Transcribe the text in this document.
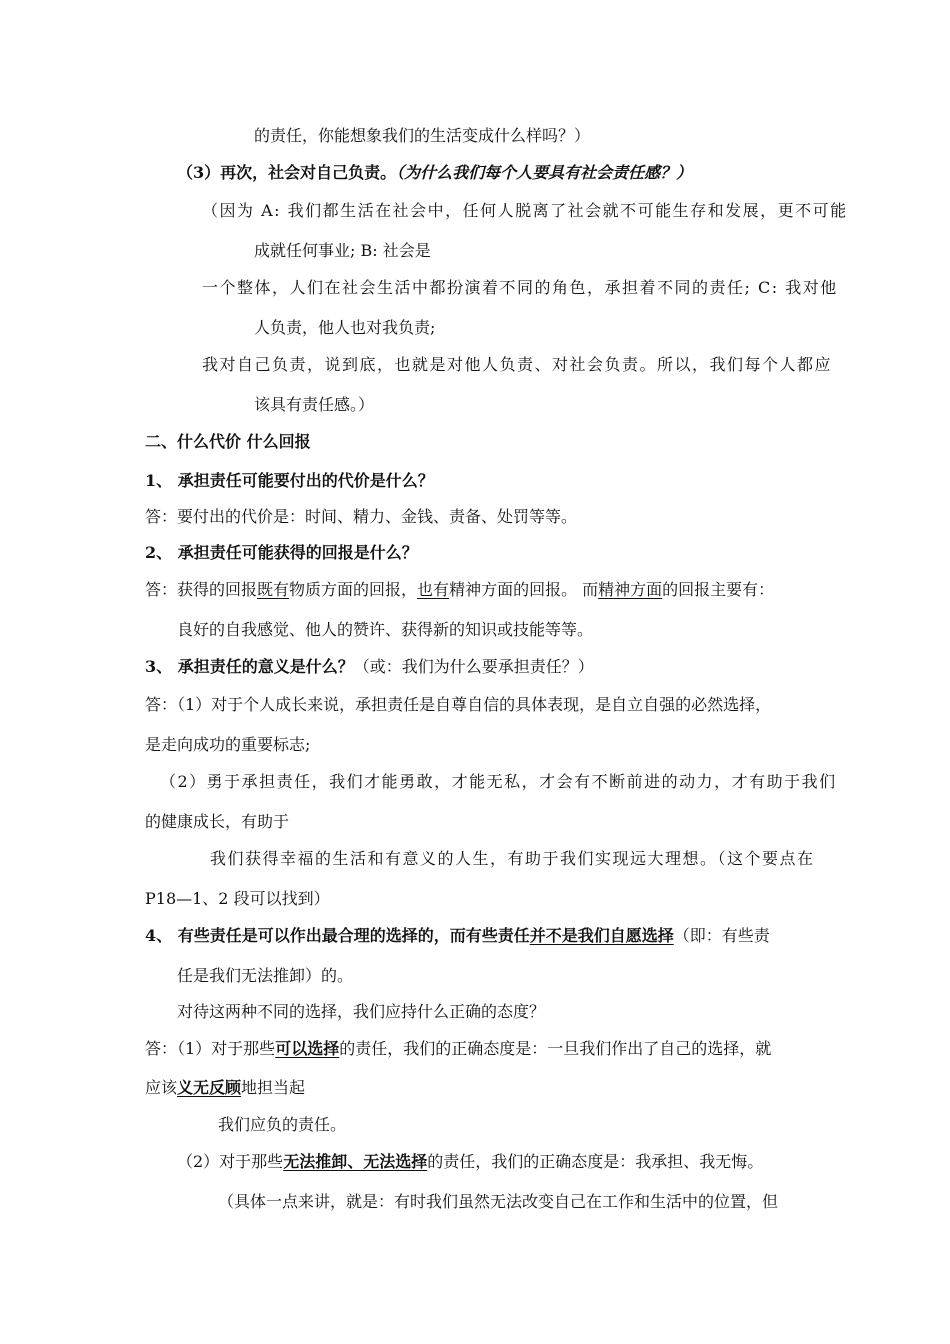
的责任，你能想象我们的生活变成什么样吗？）
（3）再次，社会对自己负责。（为什么我们每个人要具有社会责任感？）
（因为 A: 我们都生活在社会中，任何人脱离了社会就不可能生存和发展，更不可能
成就任何事业; B: 社会是
一个整体，人们在社会生活中都扮演着不同的角色，承担着不同的责任; C: 我对他
人负责，他人也对我负责;
我对自己负责，说到底，也就是对他人负责、对社会负责。所以，我们每个人都应
该具有责任感。）
二、什么代价 什么回报
1、 承担责任可能要付出的代价是什么？
答：要付出的代价是：时间、精力、金钱、责备、处罚等等。
2、 承担责任可能获得的回报是什么？
答：获得的回报既有物质方面的回报，也有精神方面的回报。 而精神方面的回报主要有：
良好的自我感觉、他人的赞许、获得新的知识或技能等等。
3、 承担责任的意义是什么？（或：我们为什么要承担责任？）
答：（1）对于个人成长来说，承担责任是自尊自信的具体表现，是自立自强的必然选择，
是走向成功的重要标志;
（2）勇于承担责任，我们才能勇敢，才能无私，才会有不断前进的动力，才有助于我们
的健康成长，有助于
我们获得幸福的生活和有意义的人生，有助于我们实现远大理想。（这个要点在
P18—1、2 段可以找到）
4、 有些责任是可以作出最合理的选择的，而有些责任并不是我们自愿选择（即：有些责
任是我们无法推卸）的。
对待这两种不同的选择，我们应持什么正确的态度？
答：（1）对于那些可以选择的责任，我们的正确态度是：一旦我们作出了自己的选择，就
应该义无反顾地担当起
我们应负的责任。
（2）对于那些无法推卸、无法选择的责任，我们的正确态度是：我承担、我无悔。
（具体一点来讲，就是：有时我们虽然无法改变自己在工作和生活中的位置，但
